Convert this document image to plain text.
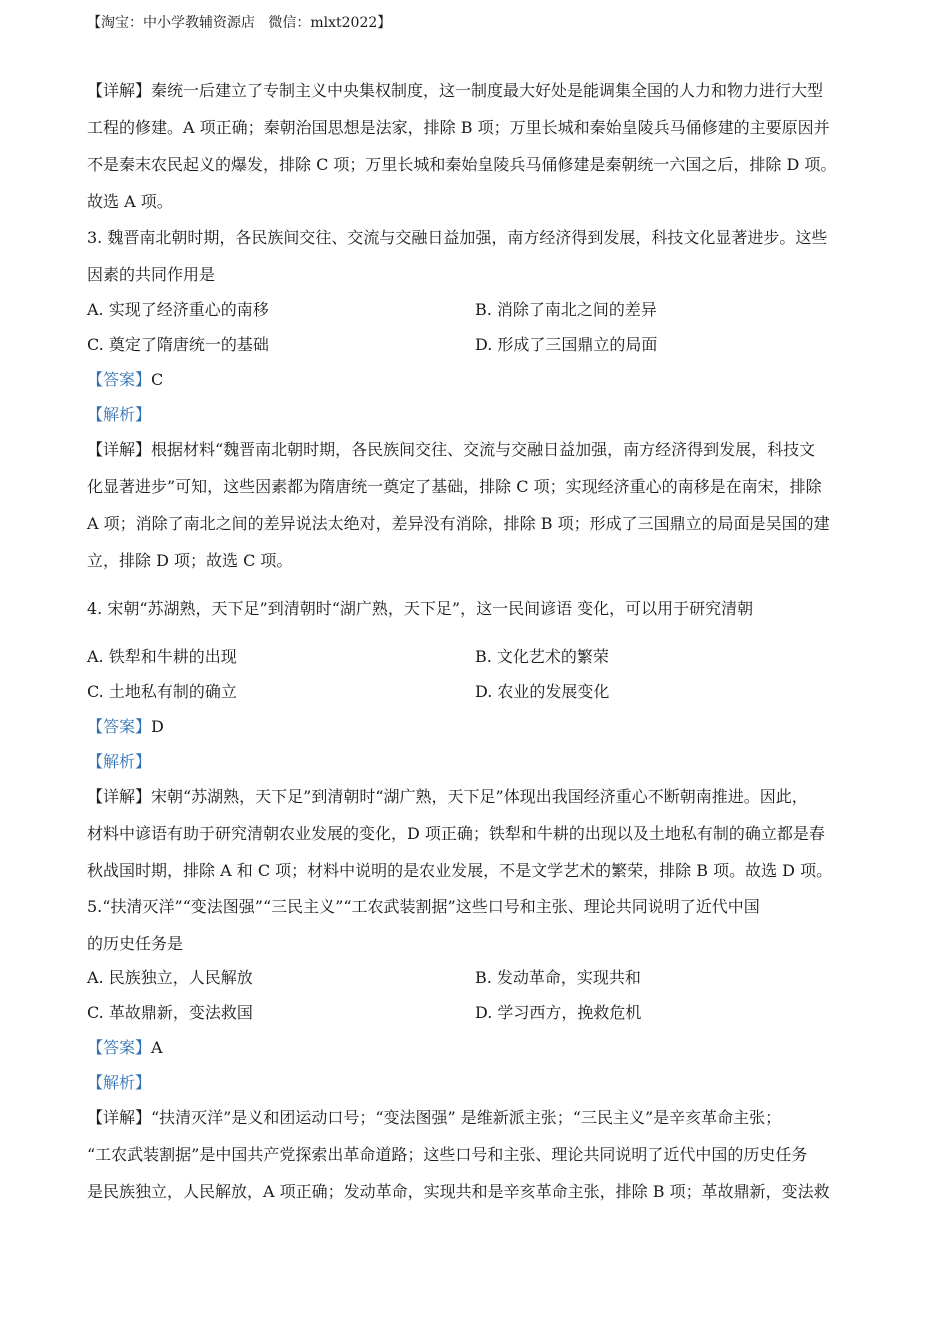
【淘宝：中小学教辅资源店   微信：mlxt2022】
【详解】秦统一后建立了专制主义中央集权制度，这一制度最大好处是能调集全国的人力和物力进行大型
工程的修建。A 项正确；秦朝治国思想是法家，排除 B 项；万里长城和秦始皇陵兵马俑修建的主要原因并
不是秦末农民起义的爆发，排除 C 项；万里长城和秦始皇陵兵马俑修建是秦朝统一六国之后，排除 D 项。
故选 A 项。
3. 魏晋南北朝时期，各民族间交往、交流与交融日益加强，南方经济得到发展，科技文化显著进步。这些
因素的共同作用是
A. 实现了经济重心的南移	B. 消除了南北之间的差异
C. 奠定了隋唐统一的基础	D. 形成了三国鼎立的局面
【答案】C
【解析】
【详解】根据材料“魏晋南北朝时期，各民族间交往、交流与交融日益加强，南方经济得到发展，科技文
化显著进步”可知，这些因素都为隋唐统一奠定了基础，排除 C 项；实现经济重心的南移是在南宋，排除
A 项；消除了南北之间的差异说法太绝对，差异没有消除，排除 B 项；形成了三国鼎立的局面是吴国的建
立，排除 D 项；故选 C 项。
4. 宋朝“苏湖熟，天下足”到清朝时“湖广熟，天下足”，这一民间谚语 变化，可以用于研究清朝
A. 铁犁和牛耕的出现	B. 文化艺术的繁荣
C. 土地私有制的确立	D. 农业的发展变化
【答案】D
【解析】
【详解】宋朝“苏湖熟，天下足”到清朝时“湖广熟，天下足”体现出我国经济重心不断朝南推进。因此，
材料中谚语有助于研究清朝农业发展的变化，D 项正确；铁犁和牛耕的出现以及土地私有制的确立都是春
秋战国时期，排除 A 和 C 项；材料中说明的是农业发展，不是文学艺术的繁荣，排除 B 项。故选 D 项。
5.“扶清灭洋”“变法图强”“三民主义”“工农武装割据”这些口号和主张、理论共同说明了近代中国
的历史任务是
A. 民族独立，人民解放	B. 发动革命，实现共和
C. 革故鼎新，变法救国	D. 学习西方，挽救危机
【答案】A
【解析】
【详解】“扶清灭洋”是义和团运动口号；“变法图强” 是维新派主张；“三民主义”是辛亥革命主张；
“工农武装割据”是中国共产党探索出革命道路；这些口号和主张、理论共同说明了近代中国的历史任务
是民族独立，人民解放，A 项正确；发动革命，实现共和是辛亥革命主张，排除 B 项；革故鼎新，变法救
